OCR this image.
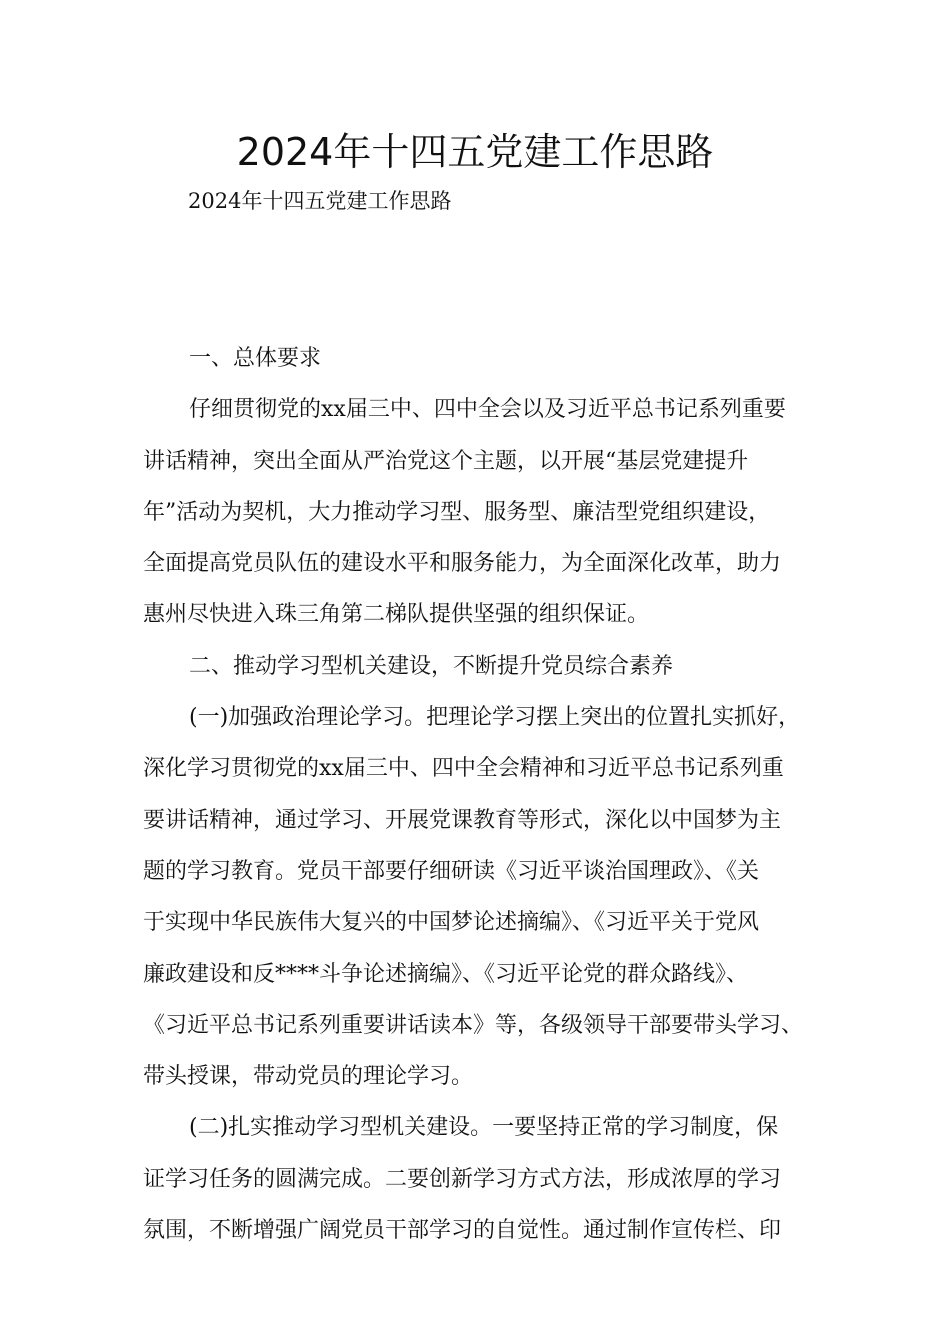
2024年十四五党建工作思路

2024年十四五党建工作思路

一、总体要求

仔细贯彻党的xx届三中、四中全会以及习近平总书记系列重要

讲话精神，突出全面从严治党这个主题，以开展“基层党建提升

年”活动为契机，大力推动学习型、服务型、廉洁型党组织建设，

全面提高党员队伍的建设水平和服务能力，为全面深化改革，助力

惠州尽快进入珠三角第二梯队提供坚强的组织保证。

二、推动学习型机关建设，不断提升党员综合素养

(一)加强政治理论学习。把理论学习摆上突出的位置扎实抓好，

深化学习贯彻党的xx届三中、四中全会精神和习近平总书记系列重

要讲话精神，通过学习、开展党课教育等形式，深化以中国梦为主

题的学习教育。党员干部要仔细研读《习近平谈治国理政》、《关

于实现中华民族伟大复兴的中国梦论述摘编》、《习近平关于党风

廉政建设和反****斗争论述摘编》、《习近平论党的群众路线》、

《习近平总书记系列重要讲话读本》等，各级领导干部要带头学习、

带头授课，带动党员的理论学习。

(二)扎实推动学习型机关建设。一要坚持正常的学习制度，保

证学习任务的圆满完成。二要创新学习方式方法，形成浓厚的学习

氛围，不断增强广阔党员干部学习的自觉性。通过制作宣传栏、印
